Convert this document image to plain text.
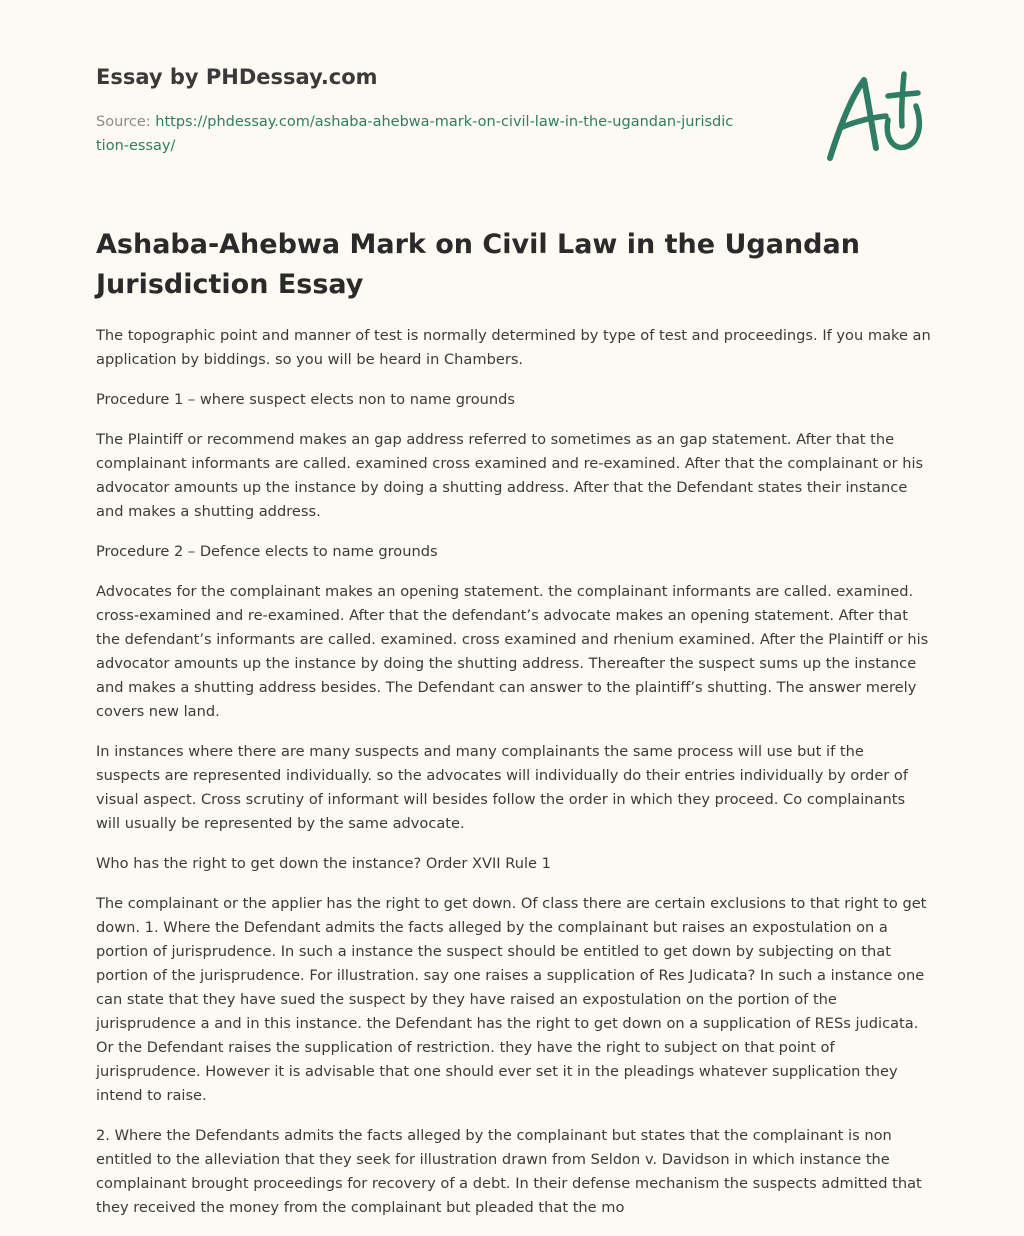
Essay by PHDessay.com
Source: https://phdessay.com/ashaba-ahebwa-mark-on-civil-law-in-the-ugandan-jurisdiction-essay/
Ashaba-Ahebwa Mark on Civil Law in the Ugandan Jurisdiction Essay

The topographic point and manner of test is normally determined by type of test and proceedings. If you make an application by biddings. so you will be heard in Chambers.

Procedure 1 – where suspect elects non to name grounds

The Plaintiff or recommend makes an gap address referred to sometimes as an gap statement. After that the complainant informants are called. examined cross examined and re-examined. After that the complainant or his advocator amounts up the instance by doing a shutting address. After that the Defendant states their instance and makes a shutting address.

Procedure 2 – Defence elects to name grounds

Advocates for the complainant makes an opening statement. the complainant informants are called. examined. cross-examined and re-examined. After that the defendant’s advocate makes an opening statement. After that the defendant’s informants are called. examined. cross examined and rhenium examined. After the Plaintiff or his advocator amounts up the instance by doing the shutting address. Thereafter the suspect sums up the instance and makes a shutting address besides. The Defendant can answer to the plaintiff’s shutting. The answer merely covers new land.

In instances where there are many suspects and many complainants the same process will use but if the suspects are represented individually. so the advocates will individually do their entries individually by order of visual aspect. Cross scrutiny of informant will besides follow the order in which they proceed. Co complainants will usually be represented by the same advocate.

Who has the right to get down the instance? Order XVII Rule 1

The complainant or the applier has the right to get down. Of class there are certain exclusions to that right to get down. 1. Where the Defendant admits the facts alleged by the complainant but raises an expostulation on a portion of jurisprudence. In such a instance the suspect should be entitled to get down by subjecting on that portion of the jurisprudence. For illustration. say one raises a supplication of Res Judicata? In such a instance one can state that they have sued the suspect by they have raised an expostulation on the portion of the jurisprudence a and in this instance. the Defendant has the right to get down on a supplication of RESs judicata. Or the Defendant raises the supplication of restriction. they have the right to subject on that point of jurisprudence. However it is advisable that one should ever set it in the pleadings whatever supplication they intend to raise.

2. Where the Defendants admits the facts alleged by the complainant but states that the complainant is non entitled to the alleviation that they seek for illustration drawn from Seldon v. Davidson in which instance the complainant brought proceedings for recovery of a debt. In their defense mechanism the suspects admitted that they received the money from the complainant but pleaded that the mo
